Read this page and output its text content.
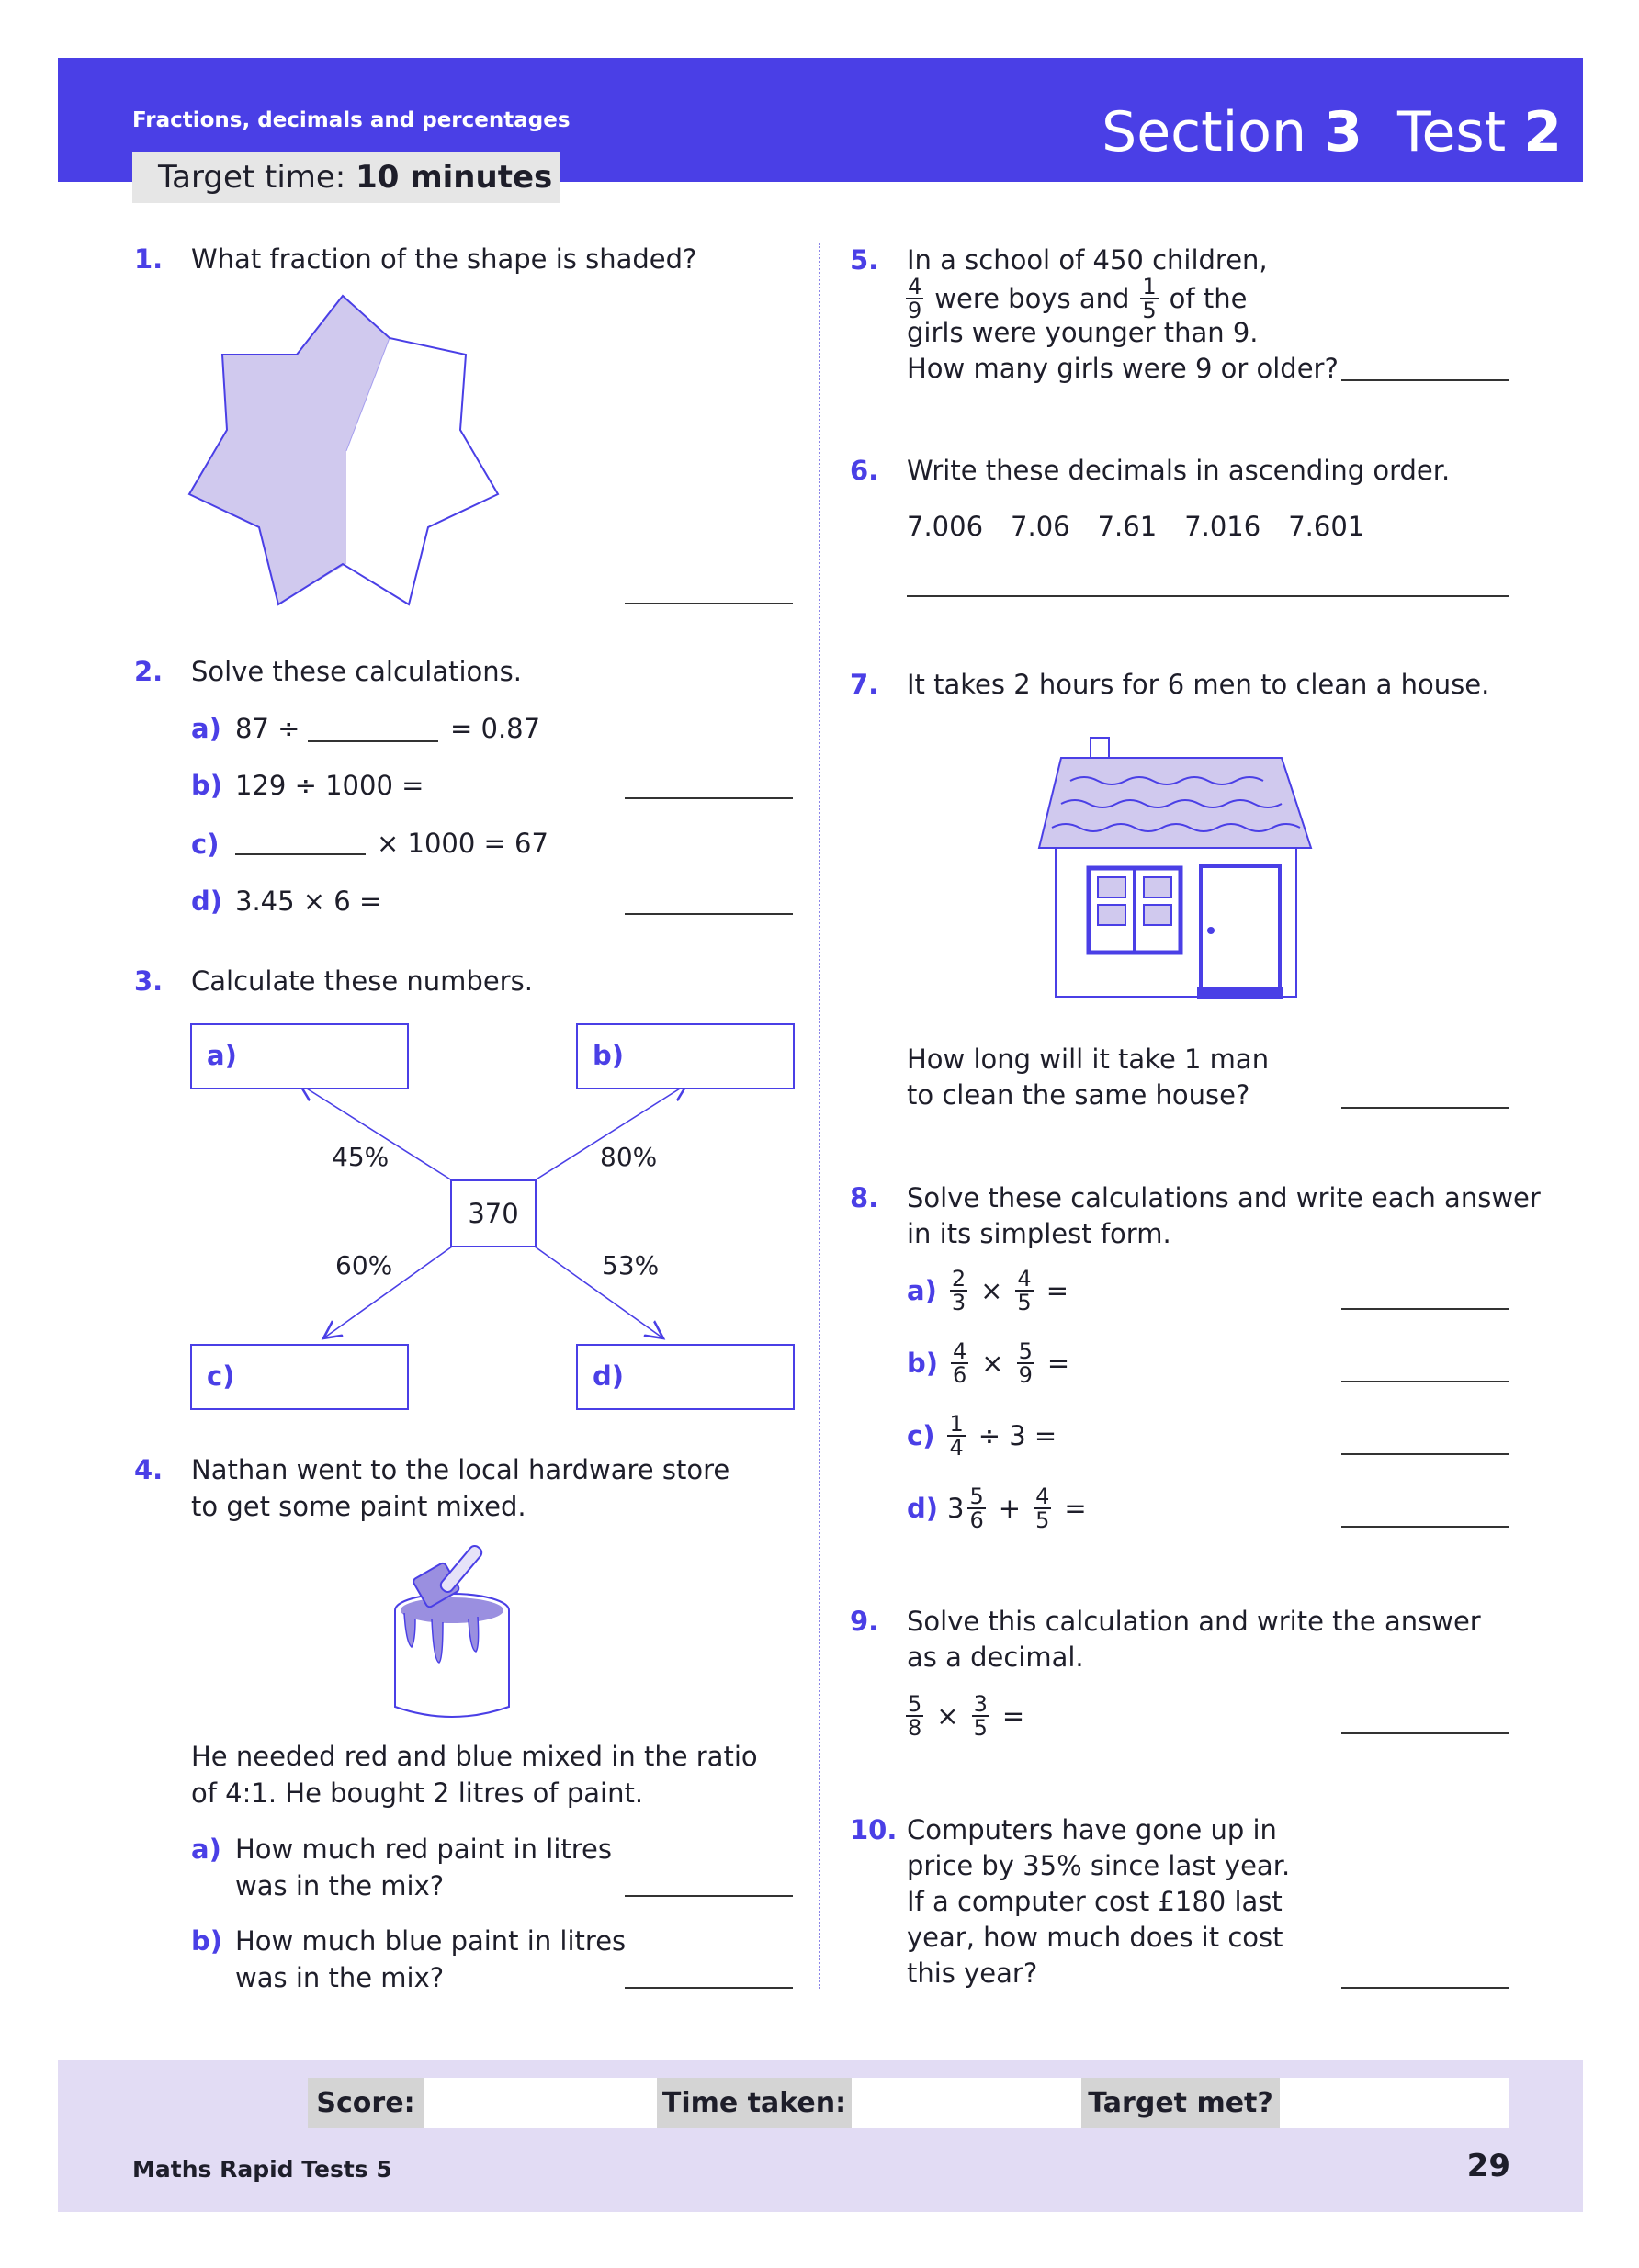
Fractions, decimals and percentages	Section 3 Test 2
Target time: 10 minutes
1. What fraction of the shape is shaded?
2. Solve these calculations.
a) 87 ÷	= 0.87
b) 129 ÷ 1000 =
c)	× 1000 = 67
d) 3.45 × 6 =
3. Calculate these numbers.
a)	b)
c)	d)
370
45%	80%
60%	53%
4. Nathan went to the local hardware store
to get some paint mixed.
He needed red and blue mixed in the ratio
of 4:1. He bought 2 litres of paint.
a) How much red paint in litres
was in the mix?
b) How much blue paint in litres
was in the mix?
5. In a school of 450 children,
$\frac{4}{9}$ were boys and $\frac{1}{5}$ of the
girls were younger than 9.
How many girls were 9 or older?
6. Write these decimals in ascending order.
7.006 7.06 7.61 7.016 7.601
7. It takes 2 hours for 6 men to clean a house.
How long will it take 1 man
to clean the same house?
8. Solve these calculations and write each answer
in its simplest form.
$a) \frac{2}{3} \times \frac{4}{5}$ =
$b) \frac{4}{6} \times \frac{5}{9}$ =
$c) \frac{1}{4} \div 3$ =
d) $3 \frac{5}{6} + \frac{4}{5}$ =
9. Solve this calculation and write the answer
as a decimal.
$\frac{5}{8} \times \frac{3}{5}$ =
10. Computers have gone up in
price by 35% since last year.
If a computer cost £180 last
year, how much does it cost
this year?
Score:	Time taken:	Target met?
Maths Rapid Tests 5	29
